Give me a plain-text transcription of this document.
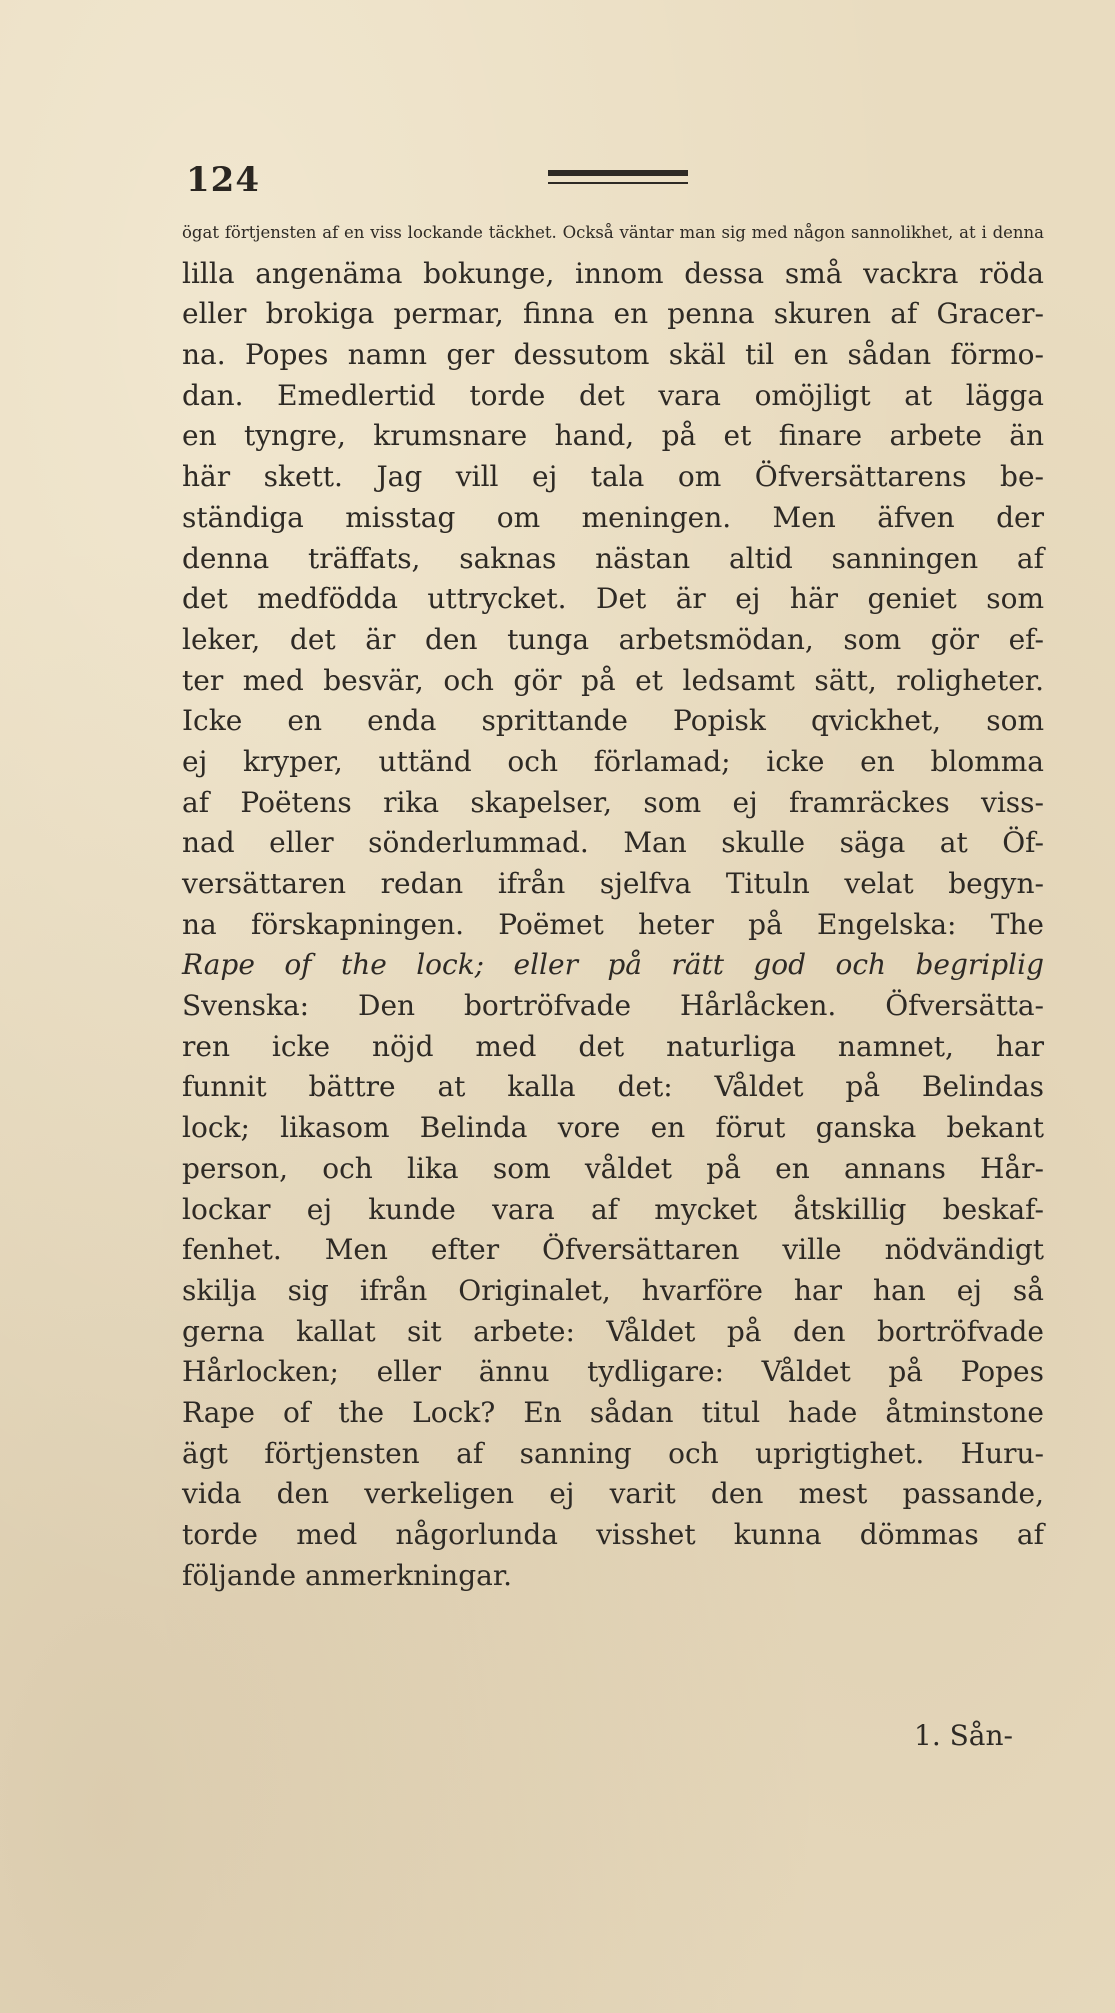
124
ögat förtjensten af en viss lockande täckhet. Också väntar man sig med någon sannolikhet, at i denna
lilla angenäma bokunge, innom dessa små vackra röda
eller brokiga permar, finna en penna skuren af Gracer-
na. Popes namn ger dessutom skäl til en sådan förmo-
dan. Emedlertid torde det vara omöjligt at lägga
en tyngre, krumsnare hand, på et finare arbete än
här skett. Jag vill ej tala om Öfversättarens be-
ständiga misstag om meningen. Men äfven der
denna träffats, saknas nästan altid sanningen af
det medfödda uttrycket. Det är ej här geniet som
leker, det är den tunga arbetsmödan, som gör ef-
ter med besvär, och gör på et ledsamt sätt, roligheter.
Icke en enda sprittande Popisk qvickhet, som
ej kryper, uttänd och förlamad; icke en blomma
af Poëtens rika skapelser, som ej framräckes viss-
nad eller sönderlummad. Man skulle säga at Öf-
versättaren redan ifrån sjelfva Tituln velat begyn-
na förskapningen. Poëmet heter på Engelska: The
Rape of the lock; eller på rätt god och begriplig
Svenska: Den bortröfvade Hårlåcken. Öfversätta-
ren icke nöjd med det naturliga namnet, har
funnit bättre at kalla det: Våldet på Belindas
lock; likasom Belinda vore en förut ganska bekant
person, och lika som våldet på en annans Hår-
lockar ej kunde vara af mycket åtskillig beskaf-
fenhet. Men efter Öfversättaren ville nödvändigt
skilja sig ifrån Originalet, hvarföre har han ej så
gerna kallat sit arbete: Våldet på den bortröfvade
Hårlocken; eller ännu tydligare: Våldet på Popes
Rape of the Lock? En sådan titul hade åtminstone
ägt förtjensten af sanning och uprigtighet. Huru-
vida den verkeligen ej varit den mest passande,
torde med någorlunda visshet kunna dömmas af
följande anmerkningar.
1. Sån-
